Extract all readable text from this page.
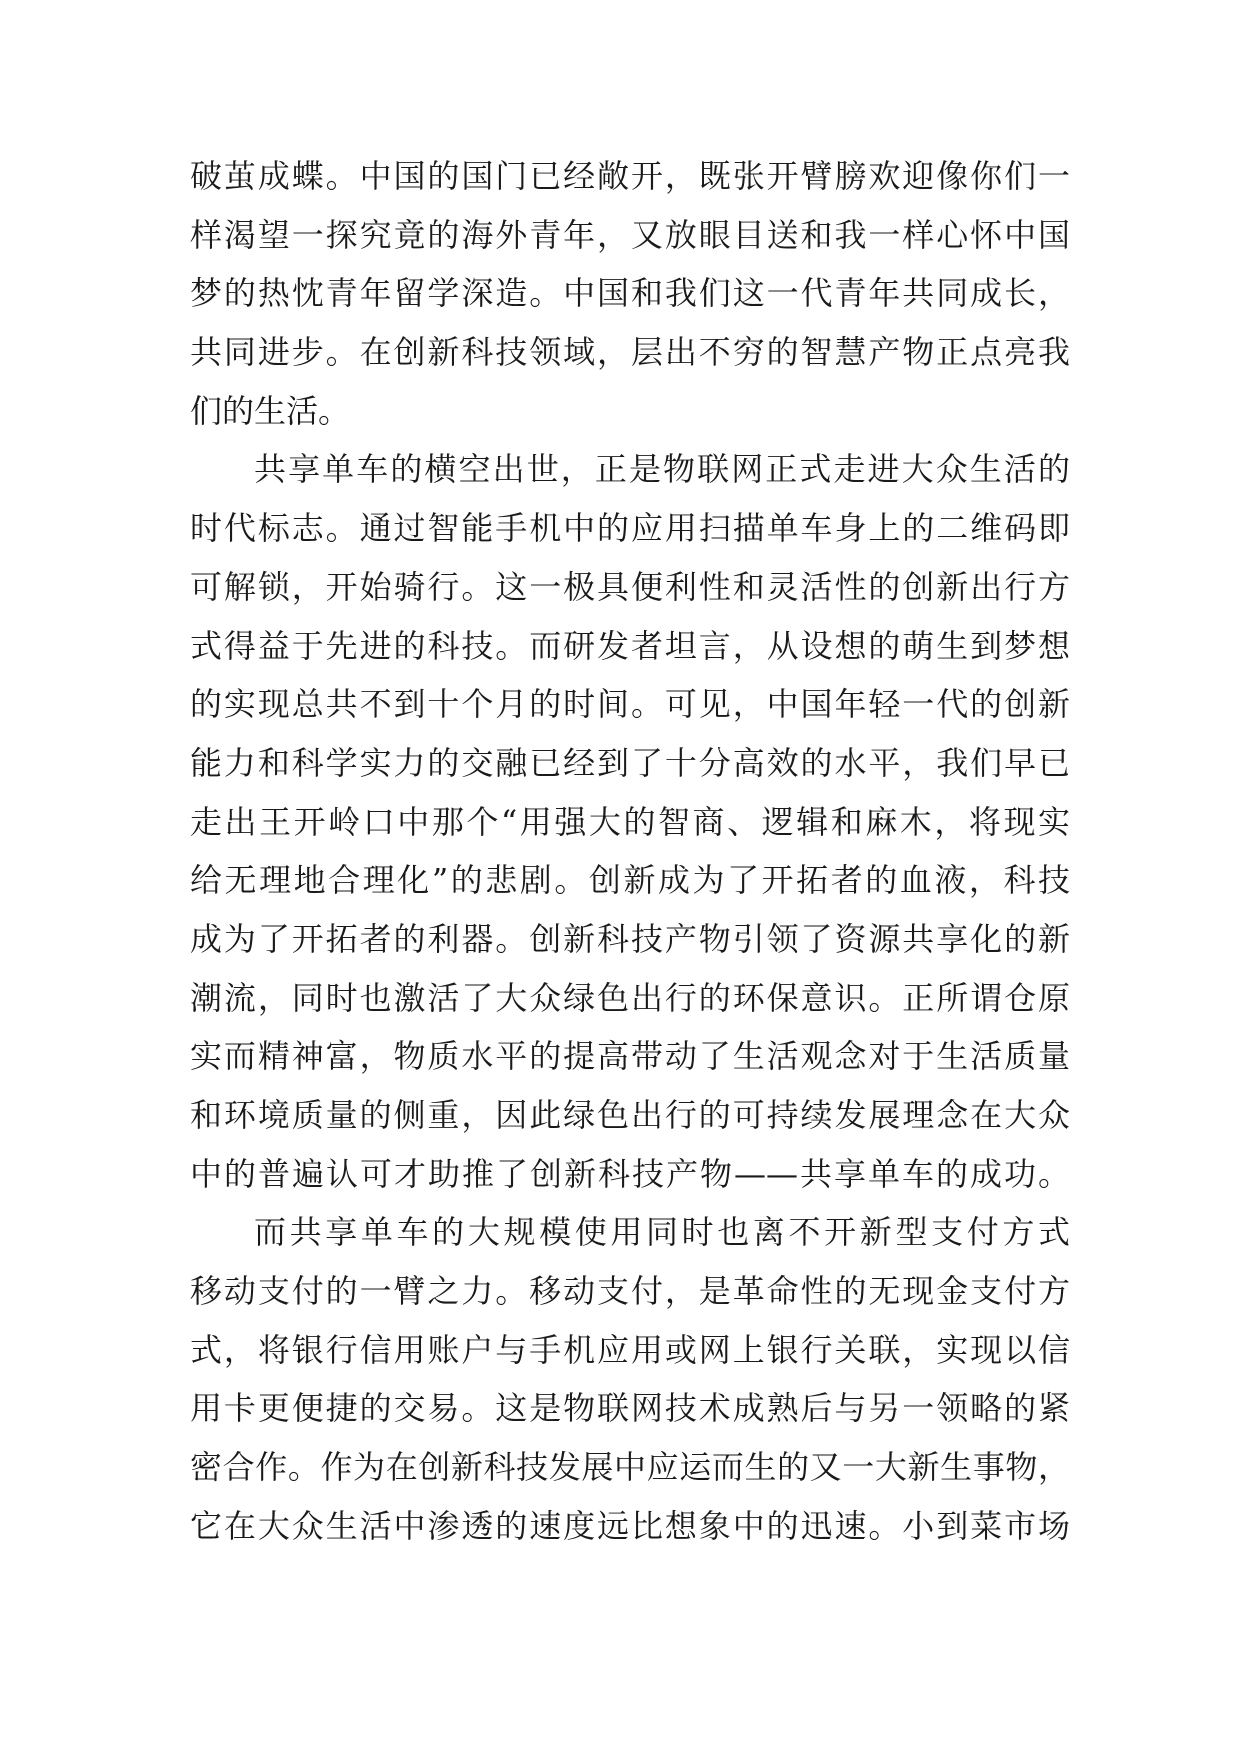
破茧成蝶。中国的国门已经敞开，既张开臂膀欢迎像你们一
样渴望一探究竟的海外青年，又放眼目送和我一样心怀中国
梦的热忱青年留学深造。中国和我们这一代青年共同成长，
共同进步。在创新科技领域，层出不穷的智慧产物正点亮我
们的生活。
共享单车的横空出世，正是物联网正式走进大众生活的
时代标志。通过智能手机中的应用扫描单车身上的二维码即
可解锁，开始骑行。这一极具便利性和灵活性的创新出行方
式得益于先进的科技。而研发者坦言，从设想的萌生到梦想
的实现总共不到十个月的时间。可见，中国年轻一代的创新
能力和科学实力的交融已经到了十分高效的水平，我们早已
走出王开岭口中那个“用强大的智商、逻辑和麻木，将现实
给无理地合理化”的悲剧。创新成为了开拓者的血液，科技
成为了开拓者的利器。创新科技产物引领了资源共享化的新
潮流，同时也激活了大众绿色出行的环保意识。正所谓仓原
实而精神富，物质水平的提高带动了生活观念对于生活质量
和环境质量的侧重，因此绿色出行的可持续发展理念在大众
中的普遍认可才助推了创新科技产物——共享单车的成功。
而共享单车的大规模使用同时也离不开新型支付方式
移动支付的一臂之力。移动支付，是革命性的无现金支付方
式，将银行信用账户与手机应用或网上银行关联，实现以信
用卡更便捷的交易。这是物联网技术成熟后与另一领略的紧
密合作。作为在创新科技发展中应运而生的又一大新生事物，
它在大众生活中渗透的速度远比想象中的迅速。小到菜市场
